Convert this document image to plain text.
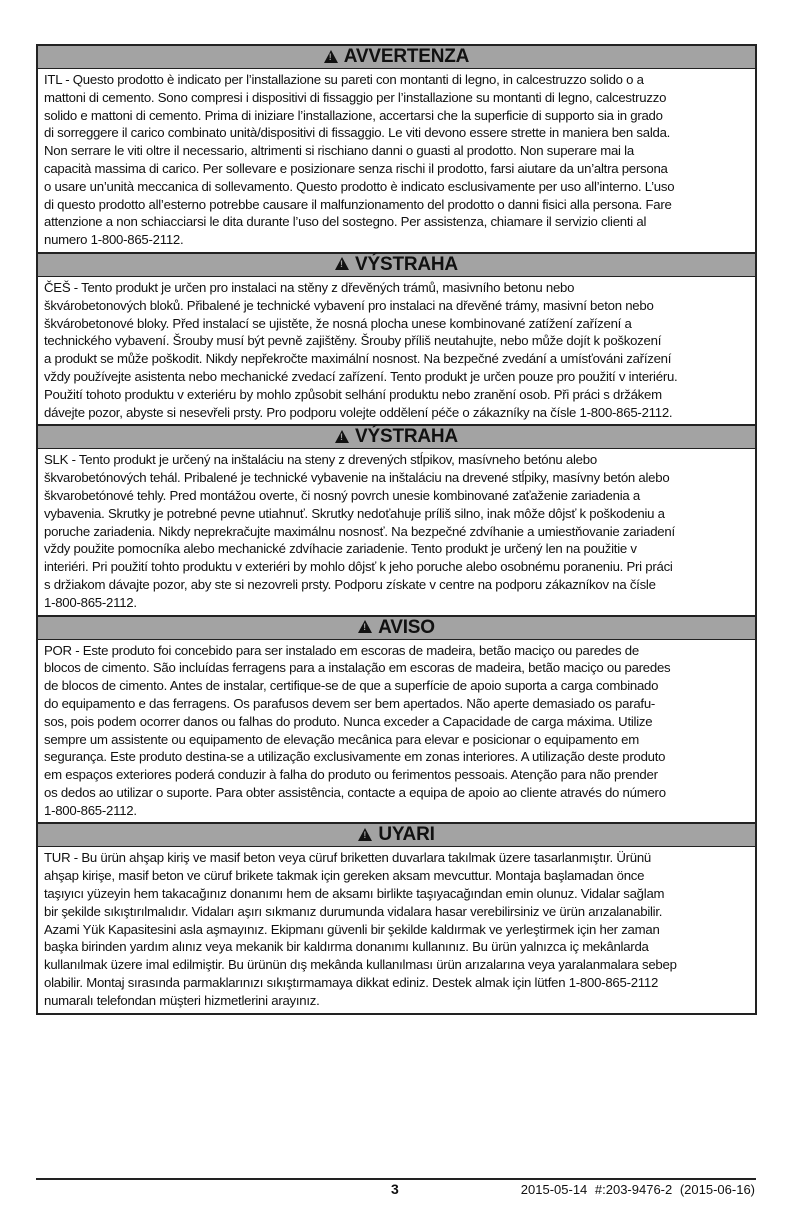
!
AVVERTENZA
ITL - Questo prodotto è indicato per l’installazione su pareti con montanti di legno, in calcestruzzo solido o a
mattoni di cemento. Sono compresi i dispositivi di fissaggio per l’installazione su montanti di legno, calcestruzzo
solido e mattoni di cemento. Prima di iniziare l’installazione, accertarsi che la superficie di supporto sia in grado
di sorreggere il carico combinato unità/dispositivi di fissaggio. Le viti devono essere strette in maniera ben salda.
Non serrare le viti oltre il necessario, altrimenti si rischiano danni o guasti al prodotto. Non superare mai la
capacità massima di carico. Per sollevare e posizionare senza rischi il prodotto, farsi aiutare da un’altra persona
o usare un’unità meccanica di sollevamento. Questo prodotto è indicato esclusivamente per uso all’interno. L’uso
di questo prodotto all’esterno potrebbe causare il malfunzionamento del prodotto o danni fisici alla persona. Fare
attenzione a non schiacciarsi le dita durante l’uso del sostegno. Per assistenza, chiamare il servizio clienti al
numero 1-800-865-2112.
!
VÝSTRAHA
ČEŠ - Tento produkt je určen pro instalaci na stěny z dřevěných trámů, masivního betonu nebo
škvárobetonových bloků. Přibalené je technické vybavení pro instalaci na dřevěné trámy, masivní beton nebo
škvárobetonové bloky. Před instalací se ujistěte, že nosná plocha unese kombinované zatížení zařízení a
technického vybavení. Šrouby musí být pevně zajištěny. Šrouby příliš neutahujte, nebo může dojít k poškození
a produkt se může poškodit. Nikdy nepřekročte maximální nosnost. Na bezpečné zvedání a umísťováni zařízení
vždy používejte asistenta nebo mechanické zvedací zařízení. Tento produkt je určen pouze pro použití v interiéru.
Použití tohoto produktu v exteriéru by mohlo způsobit selhání produktu nebo zranění osob. Při práci s držákem
dávejte pozor, abyste si nesevřeli prsty. Pro podporu volejte oddělení péče o zákazníky na čísle 1-800-865-2112.
!
VÝSTRAHA
SLK - Tento produkt je určený na inštaláciu na steny z drevených stĺpikov, masívneho betónu alebo
škvarobetónových tehál. Pribalené je technické vybavenie na inštaláciu na drevené stĺpiky, masívny betón alebo
škvarobetónové tehly. Pred montážou overte, či nosný povrch unesie kombinované zaťaženie zariadenia a
vybavenia. Skrutky je potrebné pevne utiahnuť. Skrutky nedoťahuje príliš silno, inak môže dôjsť k poškodeniu a
poruche zariadenia. Nikdy neprekračujte maximálnu nosnosť. Na bezpečné zdvíhanie a umiestňovanie zariadení
vždy použite pomocníka alebo mechanické zdvíhacie zariadenie. Tento produkt je určený len na použitie v
interiéri. Pri použití tohto produktu v exteriéri by mohlo dôjsť k jeho poruche alebo osobnému poraneniu. Pri práci
s držiakom dávajte pozor, aby ste si nezovreli prsty. Podporu získate v centre na podporu zákazníkov na čísle
1-800-865-2112.
!
AVISO
POR - Este produto foi concebido para ser instalado em escoras de madeira, betão maciço ou paredes de
blocos de cimento. São incluídas ferragens para a instalação em escoras de madeira, betão maciço ou paredes
de blocos de cimento. Antes de instalar, certifique-se de que a superfície de apoio suporta a carga combinado
do equipamento e das ferragens. Os parafusos devem ser bem apertados. Não aperte demasiado os parafu-
sos, pois podem ocorrer danos ou falhas do produto. Nunca exceder a Capacidade de carga máxima. Utilize
sempre um assistente ou equipamento de elevação mecânica para elevar e posicionar o equipamento em
segurança. Este produto destina-se a utilização exclusivamente em zonas interiores. A utilização deste produto
em espaços exteriores poderá conduzir à falha do produto ou ferimentos pessoais. Atenção para não prender
os dedos ao utilizar o suporte. Para obter assistência, contacte a equipa de apoio ao cliente através do número
1-800-865-2112.
!
UYARI
TUR - Bu ürün ahşap kiriş ve masif beton veya cüruf briketten duvarlara takılmak üzere tasarlanmıştır. Ürünü
ahşap kirişe, masif beton ve cüruf brikete takmak için gereken aksam mevcuttur. Montaja başlamadan önce
taşıyıcı yüzeyin hem takacağınız donanımı hem de aksamı birlikte taşıyacağından emin olunuz. Vidalar sağlam
bir şekilde sıkıştırılmalıdır. Vidaları aşırı sıkmanız durumunda vidalara hasar verebilirsiniz ve ürün arızalanabilir.
Azami Yük Kapasitesini asla aşmayınız. Ekipmanı güvenli bir şekilde kaldırmak ve yerleştirmek için her zaman
başka birinden yardım alınız veya mekanik bir kaldırma donanımı kullanınız. Bu ürün yalnızca iç mekânlarda
kullanılmak üzere imal edilmiştir. Bu ürünün dış mekânda kullanılması ürün arızalarına veya yaralanmalara sebep
olabilir. Montaj sırasında parmaklarınızı sıkıştırmamaya dikkat ediniz. Destek almak için lütfen 1-800-865-2112
numaralı telefondan müşteri hizmetlerini arayınız.
3	2015-05-14 #:203-9476-2 (2015-06-16)
